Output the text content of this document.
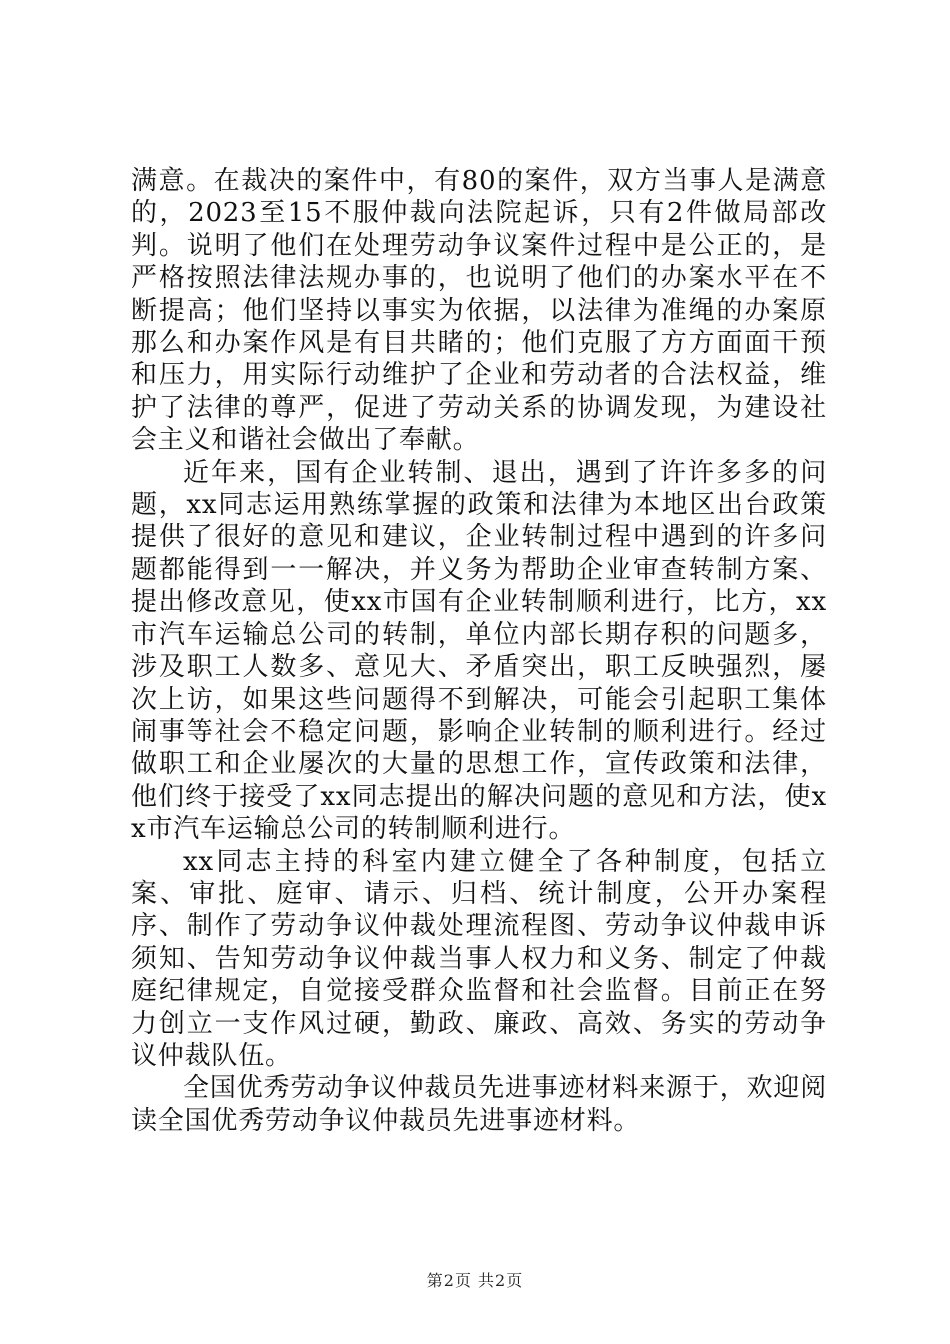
满意。在裁决的案件中，有80的案件，双方当事人是满意的，2023至15不服仲裁向法院起诉，只有2件做局部改判。说明了他们在处理劳动争议案件过程中是公正的，是严格按照法律法规办事的，也说明了他们的办案水平在不断提高；他们坚持以事实为依据，以法律为准绳的办案原那么和办案作风是有目共睹的；他们克服了方方面面干预和压力，用实际行动维护了企业和劳动者的合法权益，维护了法律的尊严，促进了劳动关系的协调发现，为建设社会主义和谐社会做出了奉献。

近年来，国有企业转制、退出，遇到了许许多多的问题，xx同志运用熟练掌握的政策和法律为本地区出台政策提供了很好的意见和建议，企业转制过程中遇到的许多问题都能得到一一解决，并义务为帮助企业审查转制方案、提出修改意见，使xx市国有企业转制顺利进行，比方，xx市汽车运输总公司的转制，单位内部长期存积的问题多，涉及职工人数多、意见大、矛盾突出，职工反映强烈，屡次上访，如果这些问题得不到解决，可能会引起职工集体闹事等社会不稳定问题，影响企业转制的顺利进行。经过做职工和企业屡次的大量的思想工作，宣传政策和法律，他们终于接受了xx同志提出的解决问题的意见和方法，使xx市汽车运输总公司的转制顺利进行。

xx同志主持的科室内建立健全了各种制度，包括立案、审批、庭审、请示、归档、统计制度，公开办案程序、制作了劳动争议仲裁处理流程图、劳动争议仲裁申诉须知、告知劳动争议仲裁当事人权力和义务、制定了仲裁庭纪律规定，自觉接受群众监督和社会监督。目前正在努力创立一支作风过硬，勤政、廉政、高效、务实的劳动争议仲裁队伍。

全国优秀劳动争议仲裁员先进事迹材料来源于，欢迎阅读全国优秀劳动争议仲裁员先进事迹材料。

第2页 共2页
